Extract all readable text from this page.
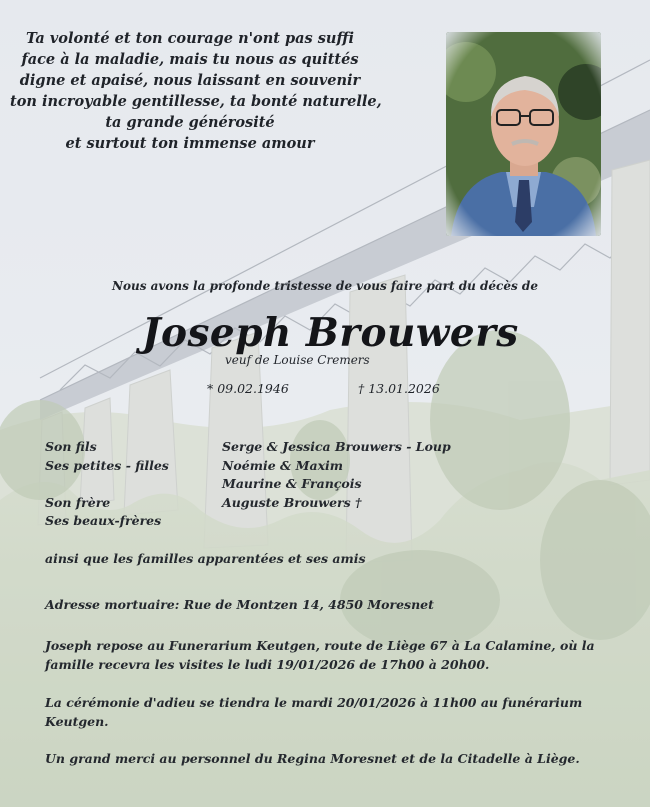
Ta volonté et ton courage n'ont pas suffi
face à la maladie, mais tu nous as quittés
digne et apaisé, nous laissant en souvenir
ton incroyable gentillesse, ta bonté naturelle,
ta grande générosité
et surtout ton immense amour
Nous avons la profonde tristesse de vous faire part du décès de
Joseph Brouwers
veuf de Louise Cremers
* 09.02.1946	† 13.01.2026
Son fils
Ses petites - filles

Son frère
Ses beaux-frères
Serge & Jessica Brouwers - Loup
Noémie & Maxim
Maurine & François
Auguste Brouwers †

ainsi que les familles apparentées et ses amis
Adresse mortuaire: Rue de Montzen 14, 4850 Moresnet
Joseph repose au Funerarium Keutgen, route de Liège 67 à La Calamine, où la famille recevra les visites le ludi 19/01/2026 de 17h00 à 20h00.
La cérémonie d'adieu se tiendra le mardi 20/01/2026 à 11h00 au funérarium Keutgen.
Un grand merci au personnel du Regina Moresnet et de la Citadelle à Liège.
